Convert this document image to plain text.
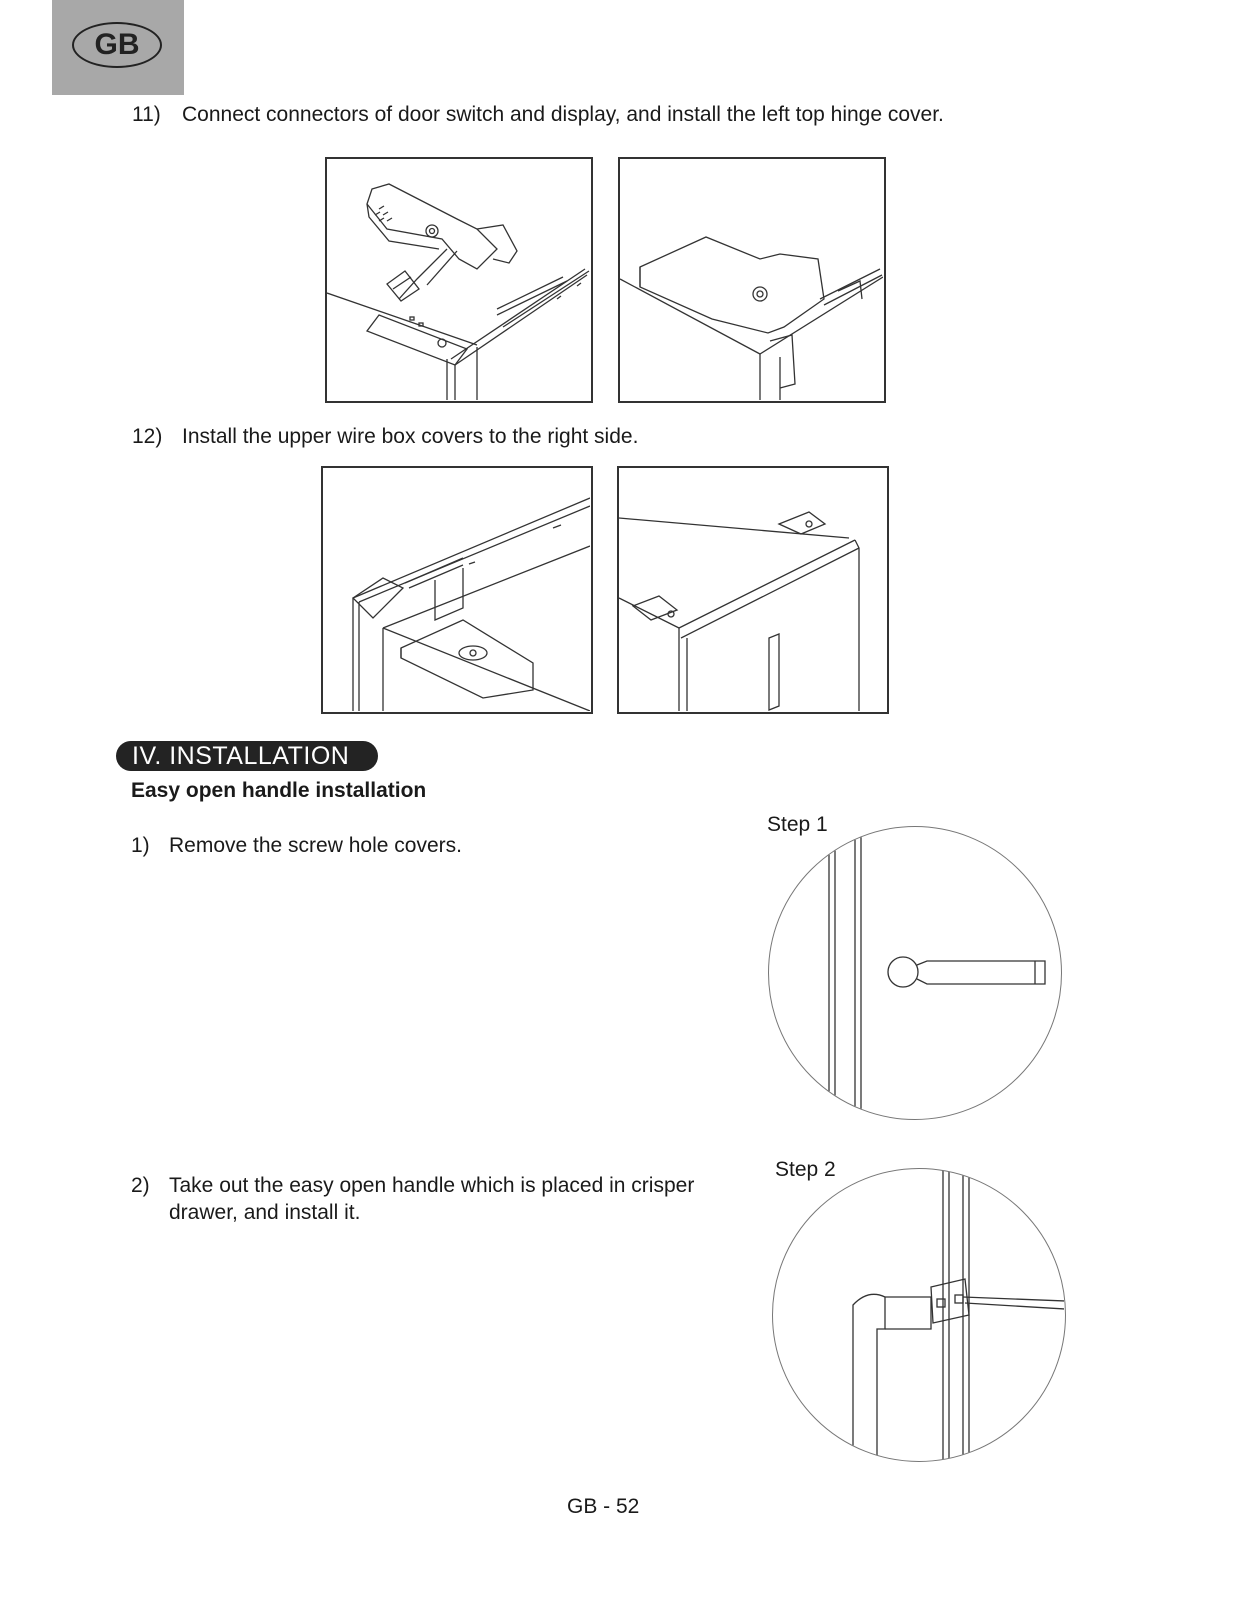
GB
11) Connect connectors of door switch and display, and install the left top hinge cover.
12) Install the upper wire box covers to the right side.
IV. INSTALLATION
Easy open handle installation
1) Remove the screw hole covers.
Step 1
2) Take out the easy open handle which is placed in crisper
drawer, and install it.
Step 2
GB - 52
